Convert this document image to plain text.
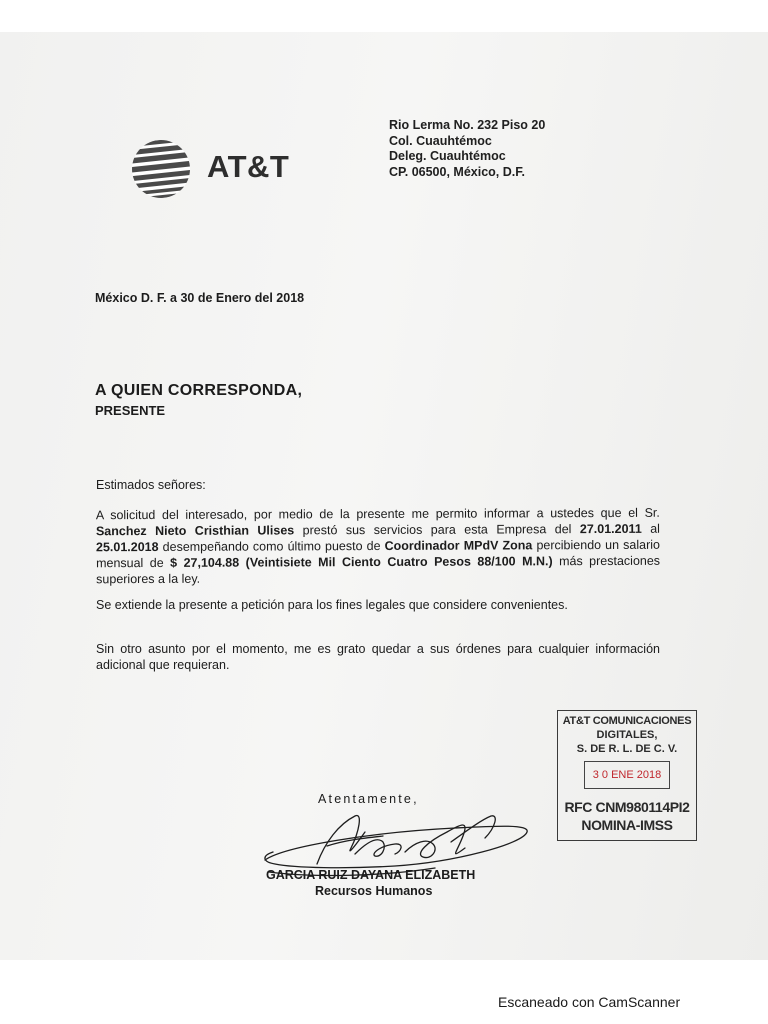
AT&T
Rio Lerma No. 232 Piso 20
Col. Cuauhtémoc
Deleg. Cuauhtémoc
CP. 06500, México, D.F.
México D. F. a 30 de Enero del 2018
A QUIEN CORRESPONDA,
PRESENTE
Estimados señores:
A solicitud del interesado, por medio de la presente me permito informar a ustedes que el Sr. Sanchez Nieto Cristhian Ulises prestó sus servicios para esta Empresa del 27.01.2011 al 25.01.2018 desempeñando como último puesto de Coordinador MPdV Zona percibiendo un salario mensual de $ 27,104.88 (Veintisiete Mil Ciento Cuatro Pesos 88/100 M.N.) más prestaciones superiores a la ley.
Se extiende la presente a petición para los fines legales que considere convenientes.
Sin otro asunto por el momento, me es grato quedar a sus órdenes para cualquier información adicional que requieran.
AT&T COMUNICACIONES
DIGITALES,
S. DE R. L. DE C. V.
3 0 ENE 2018
RFC CNM980114PI2
NOMINA-IMSS
Atentamente,
GARCIA RUIZ DAYANA ELIZABETH
Recursos Humanos
Escaneado con CamScanner
